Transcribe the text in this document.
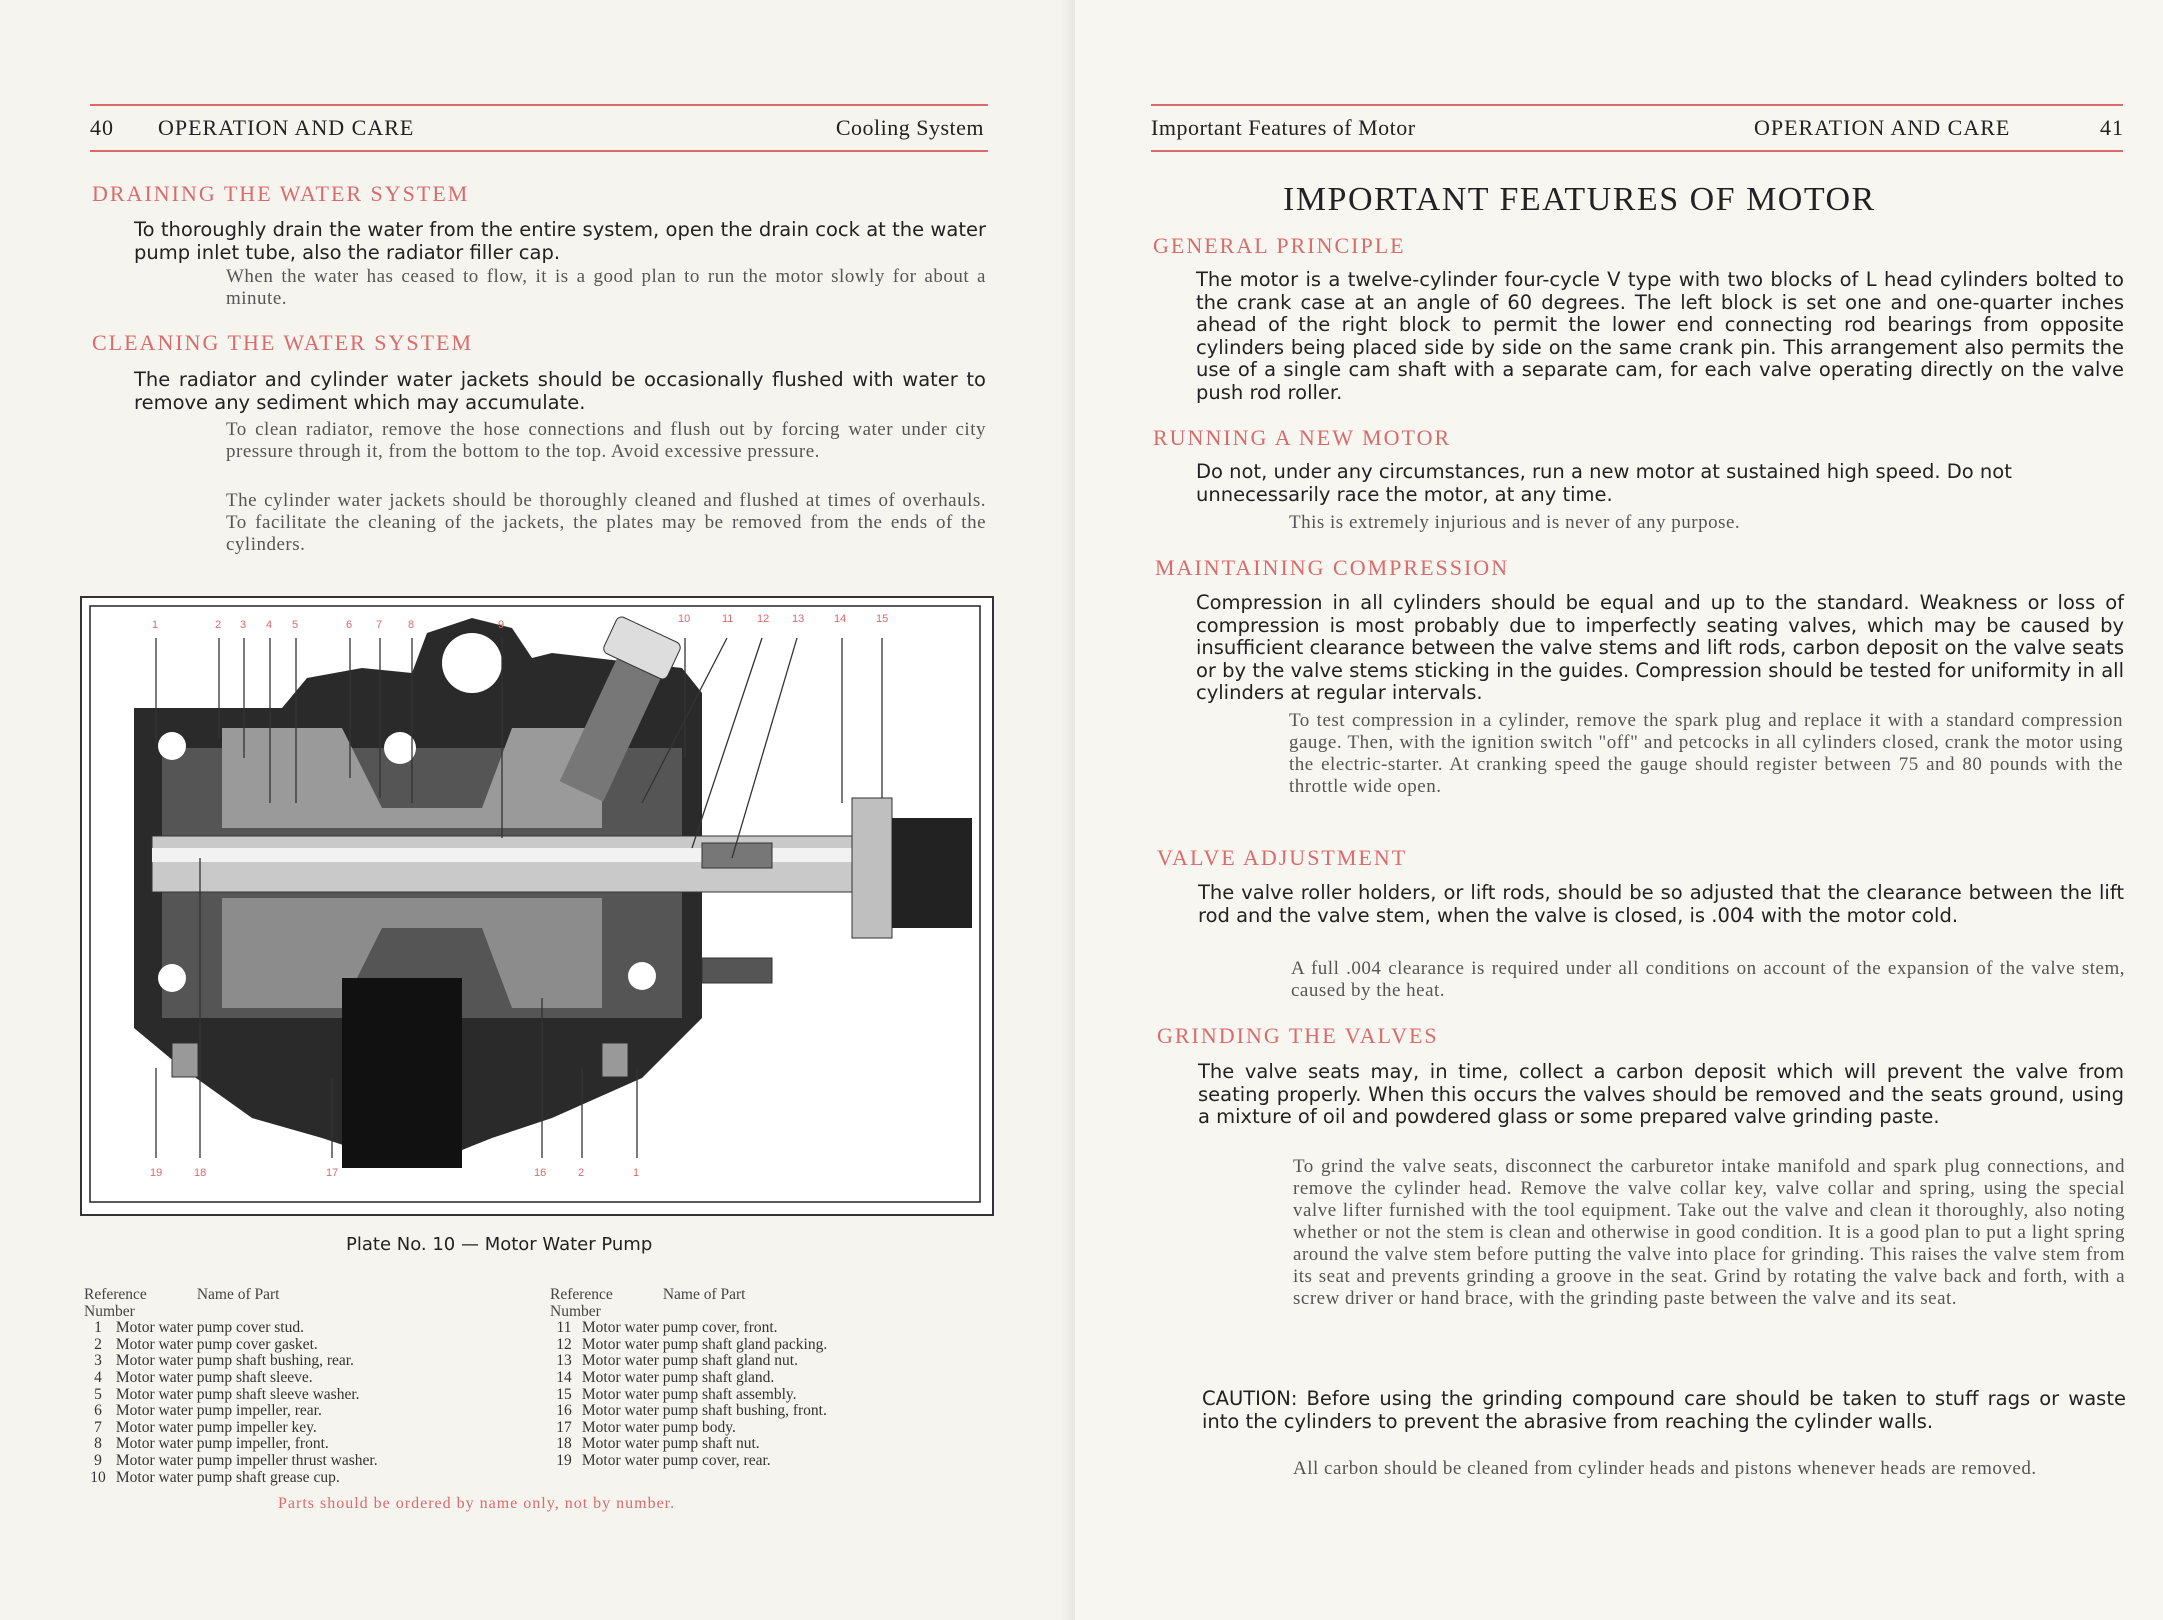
40 OPERATION AND CARE	Cooling System
DRAINING THE WATER SYSTEM
To thoroughly drain the water from the entire system, open the drain cock at the water pump inlet tube, also the radiator filler cap.
When the water has ceased to flow, it is a good plan to run the motor slowly for about a minute.
CLEANING THE WATER SYSTEM
The radiator and cylinder water jackets should be occasionally flushed with water to remove any sediment which may accumulate.
To clean radiator, remove the hose connections and flush out by forcing water under city pressure through it, from the bottom to the top. Avoid excessive pressure.
The cylinder water jackets should be thoroughly cleaned and flushed at times of overhauls. To facilitate the cleaning of the jackets, the plates may be removed from the ends of the cylinders.
1	2 3 4 5	6 7 8	9	10	11 12 13	14	15
19	18	17	16	2	1
Plate No. 10 — Motor Water Pump
Reference	Name of Part
Number
1 Motor water pump cover stud.
2 Motor water pump cover gasket.
3 Motor water pump shaft bushing, rear.
4 Motor water pump shaft sleeve.
5 Motor water pump shaft sleeve washer.
6 Motor water pump impeller, rear.
7 Motor water pump impeller key.
8 Motor water pump impeller, front.
9 Motor water pump impeller thrust washer.
10 Motor water pump shaft grease cup.
Reference	Name of Part
Number
11 Motor water pump cover, front.
12 Motor water pump shaft gland packing.
13 Motor water pump shaft gland nut.
14 Motor water pump shaft gland.
15 Motor water pump shaft assembly.
16 Motor water pump shaft bushing, front.
17 Motor water pump body.
18 Motor water pump shaft nut.
19 Motor water pump cover, rear.
Parts should be ordered by name only, not by number.
Important Features of Motor	OPERATION AND CARE	41
IMPORTANT FEATURES OF MOTOR
GENERAL PRINCIPLE
The motor is a twelve-cylinder four-cycle V type with two blocks of L head cylinders bolted to the crank case at an angle of 60 degrees. The left block is set one and one-quarter inches ahead of the right block to permit the lower end connecting rod bearings from opposite cylinders being placed side by side on the same crank pin. This arrangement also permits the use of a single cam shaft with a separate cam, for each valve operating directly on the valve push rod roller.
RUNNING A NEW MOTOR
Do not, under any circumstances, run a new motor at sustained high speed. Do not unnecessarily race the motor, at any time.
This is extremely injurious and is never of any purpose.
MAINTAINING COMPRESSION
Compression in all cylinders should be equal and up to the standard. Weakness or loss of compression is most probably due to imperfectly seating valves, which may be caused by insufficient clearance between the valve stems and lift rods, carbon deposit on the valve seats or by the valve stems sticking in the guides. Compression should be tested for uniformity in all cylinders at regular intervals.
To test compression in a cylinder, remove the spark plug and replace it with a standard compression gauge. Then, with the ignition switch "off" and petcocks in all cylinders closed, crank the motor using the electric-starter. At cranking speed the gauge should register between 75 and 80 pounds with the throttle wide open.
VALVE ADJUSTMENT
The valve roller holders, or lift rods, should be so adjusted that the clearance between the lift rod and the valve stem, when the valve is closed, is .004 with the motor cold.
A full .004 clearance is required under all conditions on account of the expansion of the valve stem, caused by the heat.
GRINDING THE VALVES
The valve seats may, in time, collect a carbon deposit which will prevent the valve from seating properly. When this occurs the valves should be removed and the seats ground, using a mixture of oil and powdered glass or some prepared valve grinding paste.
To grind the valve seats, disconnect the carburetor intake manifold and spark plug connections, and remove the cylinder head. Remove the valve collar key, valve collar and spring, using the special valve lifter furnished with the tool equipment. Take out the valve and clean it thoroughly, also noting whether or not the stem is clean and otherwise in good condition. It is a good plan to put a light spring around the valve stem before putting the valve into place for grinding. This raises the valve stem from its seat and prevents grinding a groove in the seat. Grind by rotating the valve back and forth, with a screw driver or hand brace, with the grinding paste between the valve and its seat.
CAUTION: Before using the grinding compound care should be taken to stuff rags or waste into the cylinders to prevent the abrasive from reaching the cylinder walls.
All carbon should be cleaned from cylinder heads and pistons whenever heads are removed.
